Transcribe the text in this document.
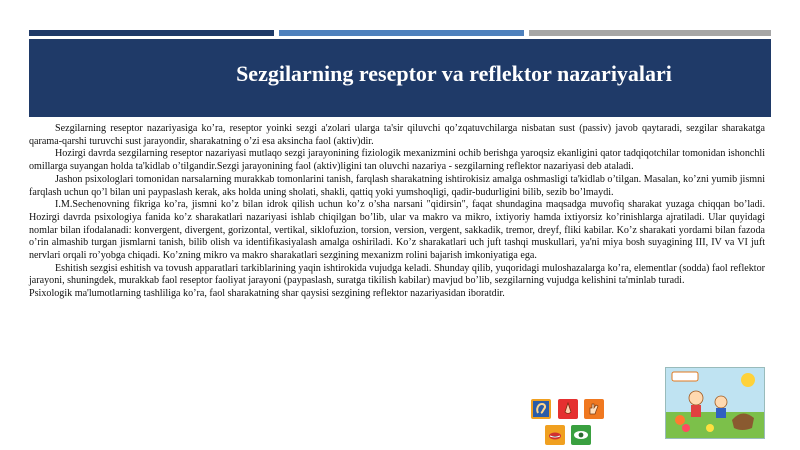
Sezgilarning reseptor va reflektor nazariyalari

Sezgilarning reseptor nazariyasiga ko’ra, reseptor yoinki sezgi a'zolari ularga ta'sir qiluvchi qo’zqatuvchilarga nisbatan sust (passiv) javob qaytaradi, sezgilar sharakatga qarama-qarshi turuvchi sust jarayondir, sharakatning o’zi esa aksincha faol (aktiv)dir.

Hozirgi davrda sezgilarning reseptor nazariyasi mutlaqo sezgi jarayonining fiziologik mexanizmini ochib berishga yaroqsiz ekanligini qator tadqiqotchilar tomonidan ishonchli omillarga suyangan holda ta'kidlab o’tilgandir.Sezgi jarayonining faol (aktiv)ligini tan oluvchi nazariya - sezgilarning reflektor nazariyasi deb ataladi.

Jashon psixologlari tomonidan narsalarning murakkab tomonlarini tanish, farqlash sharakatning ishtirokisiz amalga oshmasligi ta'kidlab o’tilgan. Masalan, ko’zni yumib jismni farqlash uchun qo’l bilan uni paypaslash kerak, aks holda uning sholati, shakli, qattiq yoki yumshoqligi, qadir-budurligini bilib, sezib bo’lmaydi.

I.M.Sechenovning fikriga ko’ra, jismni ko’z bilan idrok qilish uchun ko’z o’sha narsani "qidirsin", faqat shundagina maqsadga muvofiq sharakat yuzaga chiqqan bo’ladi. Hozirgi davrda psixologiya fanida ko’z sharakatlari nazariyasi ishlab chiqilgan bo’lib, ular va makro va mikro, ixtiyoriy hamda ixtiyorsiz ko’rinishlarga ajratiladi. Ular quyidagi nomlar bilan ifodalanadi: konvergent, divergent, gorizontal, vertikal, siklofuzion, torsion, version, vergent, sakkadik, tremor, dreyf, fliki kabilar. Ko’z sharakati yordami bilan fazoda o’rin almashib turgan jismlarni tanish, bilib olish va identifikasiyalash amalga oshiriladi. Ko’z sharakatlari uch juft tashqi muskullari, ya'ni miya bosh suyagining III, IV va VI juft nervlari orqali ro’yobga chiqadi. Ko’zning mikro va makro sharakatlari sezgining mexanizm rolini bajarish imkoniyatiga ega.

Eshitish sezgisi eshitish va tovush apparatlari tarkiblarining yaqin ishtirokida vujudga keladi. Shunday qilib, yuqoridagi muloshazalarga ko’ra, elementlar (sodda) faol reflektor jarayoni, shuningdek, murakkab faol reseptor faoliyat jarayoni (paypaslash, suratga tikilish kabilar) mavjud bo’lib, sezgilarning vujudga kelishini ta'minlab turadi.

Psixologik ma'lumotlarning tashliliga ko’ra, faol sharakatning shar qaysisi sezgining reflektor nazariyasidan iboratdir.
